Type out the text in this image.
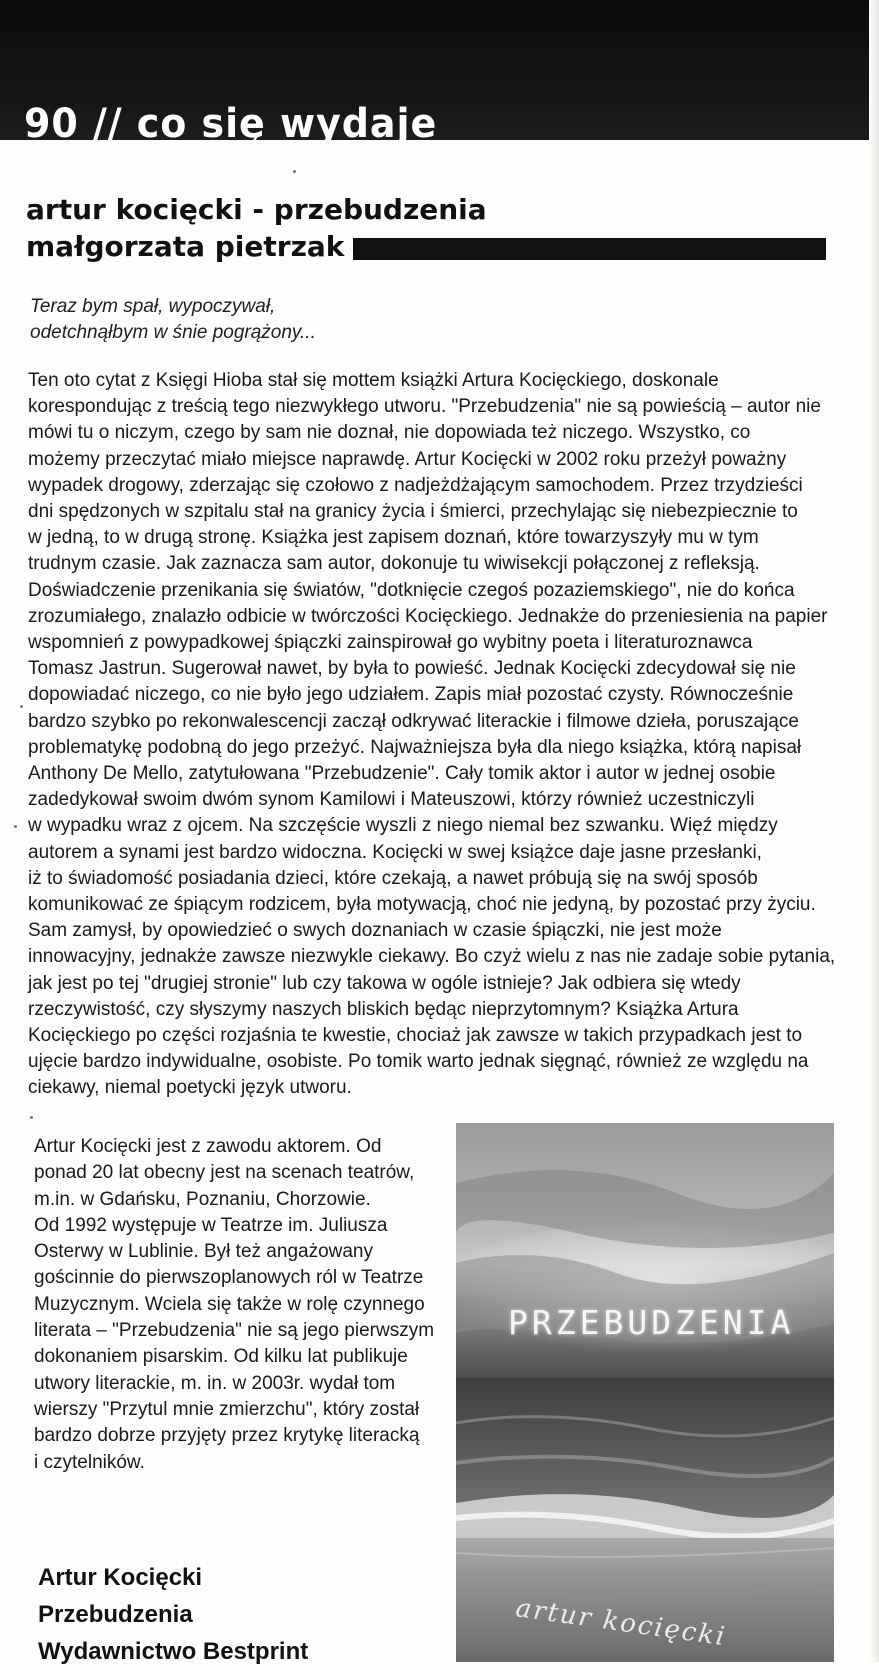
90 // co się wydaje
artur kocięcki - przebudzenia
małgorzata pietrzak
Teraz bym spał, wypoczywał,
odetchnąłbym w śnie pogrążony...
Ten oto cytat z Księgi Hioba stał się mottem książki Artura Kocięckiego, doskonale
korespondując z treścią tego niezwykłego utworu. "Przebudzenia" nie są powieścią – autor nie
mówi tu o niczym, czego by sam nie doznał, nie dopowiada też niczego. Wszystko, co
możemy przeczytać miało miejsce naprawdę. Artur Kocięcki w 2002 roku przeżył poważny
wypadek drogowy, zderzając się czołowo z nadjeżdżającym samochodem. Przez trzydzieści
dni spędzonych w szpitalu stał na granicy życia i śmierci, przechylając się niebezpiecznie to
w jedną, to w drugą stronę. Książka jest zapisem doznań, które towarzyszyły mu w tym
trudnym czasie. Jak zaznacza sam autor, dokonuje tu wiwisekcji połączonej z refleksją.
Doświadczenie przenikania się światów, "dotknięcie czegoś pozaziemskiego", nie do końca
zrozumiałego, znalazło odbicie w twórczości Kocięckiego. Jednakże do przeniesienia na papier
wspomnień z powypadkowej śpiączki zainspirował go wybitny poeta i literaturoznawca
Tomasz Jastrun. Sugerował nawet, by była to powieść. Jednak Kocięcki zdecydował się nie
dopowiadać niczego, co nie było jego udziałem. Zapis miał pozostać czysty. Równocześnie
bardzo szybko po rekonwalescencji zaczął odkrywać literackie i filmowe dzieła, poruszające
problematykę podobną do jego przeżyć. Najważniejsza była dla niego książka, którą napisał
Anthony De Mello, zatytułowana "Przebudzenie". Cały tomik aktor i autor w jednej osobie
zadedykował swoim dwóm synom Kamilowi i Mateuszowi, którzy również uczestniczyli
w wypadku wraz z ojcem. Na szczęście wyszli z niego niemal bez szwanku. Więź między
autorem a synami jest bardzo widoczna. Kocięcki w swej książce daje jasne przesłanki,
iż to świadomość posiadania dzieci, które czekają, a nawet próbują się na swój sposób
komunikować ze śpiącym rodzicem, była motywacją, choć nie jedyną, by pozostać przy życiu.
Sam zamysł, by opowiedzieć o swych doznaniach w czasie śpiączki, nie jest może
innowacyjny, jednakże zawsze niezwykle ciekawy. Bo czyż wielu z nas nie zadaje sobie pytania,
jak jest po tej "drugiej stronie" lub czy takowa w ogóle istnieje? Jak odbiera się wtedy
rzeczywistość, czy słyszymy naszych bliskich będąc nieprzytomnym? Książka Artura
Kocięckiego po części rozjaśnia te kwestie, chociaż jak zawsze w takich przypadkach jest to
ujęcie bardzo indywidualne, osobiste. Po tomik warto jednak sięgnąć, również ze względu na
ciekawy, niemal poetycki język utworu.
Artur Kocięcki jest z zawodu aktorem. Od
ponad 20 lat obecny jest na scenach teatrów,
m.in. w Gdańsku, Poznaniu, Chorzowie.
Od 1992 występuje w Teatrze im. Juliusza
Osterwy w Lublinie. Był też angażowany
gościnnie do pierwszoplanowych ról w Teatrze
Muzycznym. Wciela się także w rolę czynnego
literata – "Przebudzenia" nie są jego pierwszym
dokonaniem pisarskim. Od kilku lat publikuje
utwory literackie, m. in. w 2003r. wydał tom
wierszy "Przytul mnie zmierzchu", który został
bardzo dobrze przyjęty przez krytykę literacką
i czytelników.
Artur Kocięcki
Przebudzenia
Wydawnictwo Bestprint
PRZEBUDZENIA
artur kocięcki
